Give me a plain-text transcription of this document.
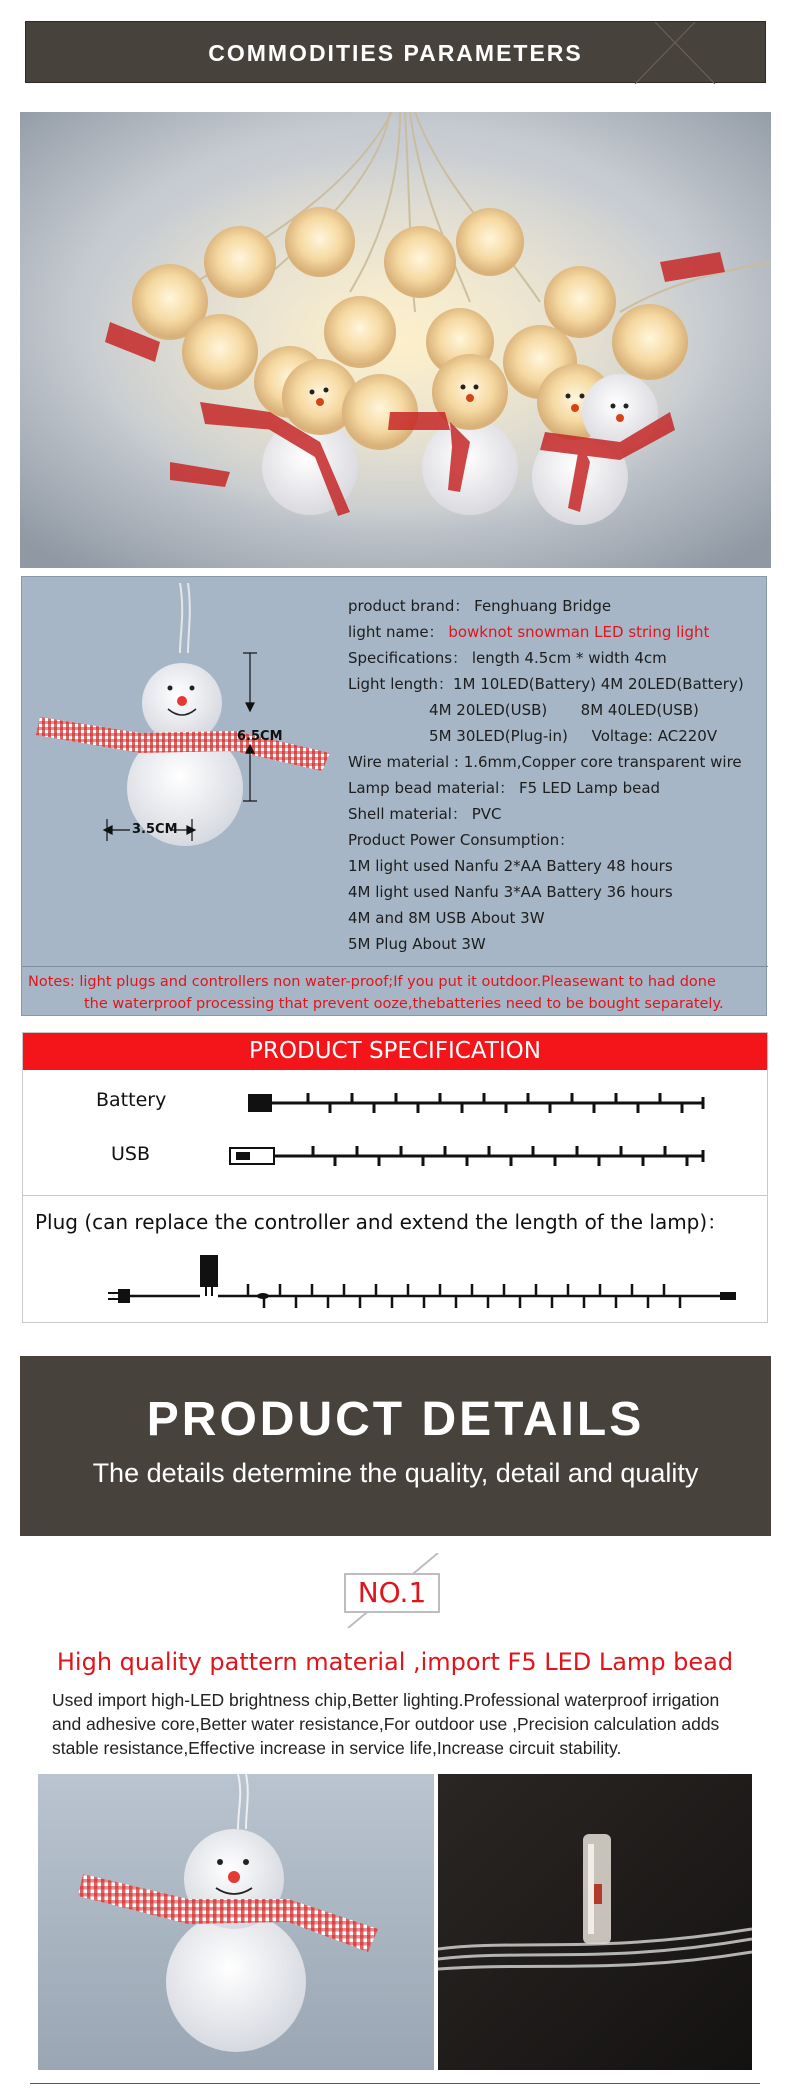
COMMODITIES PARAMETERS
6.5CM
3.5CM
product brand： Fenghuang Bridge
light name： bowknot snowman LED string light
Specifications： length 4.5cm * width 4cm
Light length：1M 10LED(Battery) 4M 20LED(Battery)
4M 20LED(USB)       8M 40LED(USB)
5M 30LED(Plug-in)     Voltage: AC220V
Wire material : 1.6mm,Copper core transparent wire
Lamp bead material： F5 LED Lamp bead
Shell material： PVC
Product Power Consumption：
1M light used Nanfu 2*AA Battery 48 hours
4M light used Nanfu 3*AA Battery 36 hours
4M and 8M USB About 3W
5M Plug About 3W
Notes: light plugs and controllers non water-proof;If you put it outdoor.Pleasewant to had done
the waterproof processing that prevent ooze,thebatteries need to be bought separately.
PRODUCT SPECIFICATION
Battery
USB
Plug (can replace the controller and extend the length of the lamp)：
PRODUCT DETAILS
The details determine the quality, detail and quality
NO.1
High quality pattern material ,import F5 LED Lamp bead
Used import high-LED brightness chip,Better lighting.Professional waterproof irrigation and adhesive core,Better water resistance,For outdoor use ,Precision calculation adds stable resistance,Effective increase in service life,Increase circuit stability.
